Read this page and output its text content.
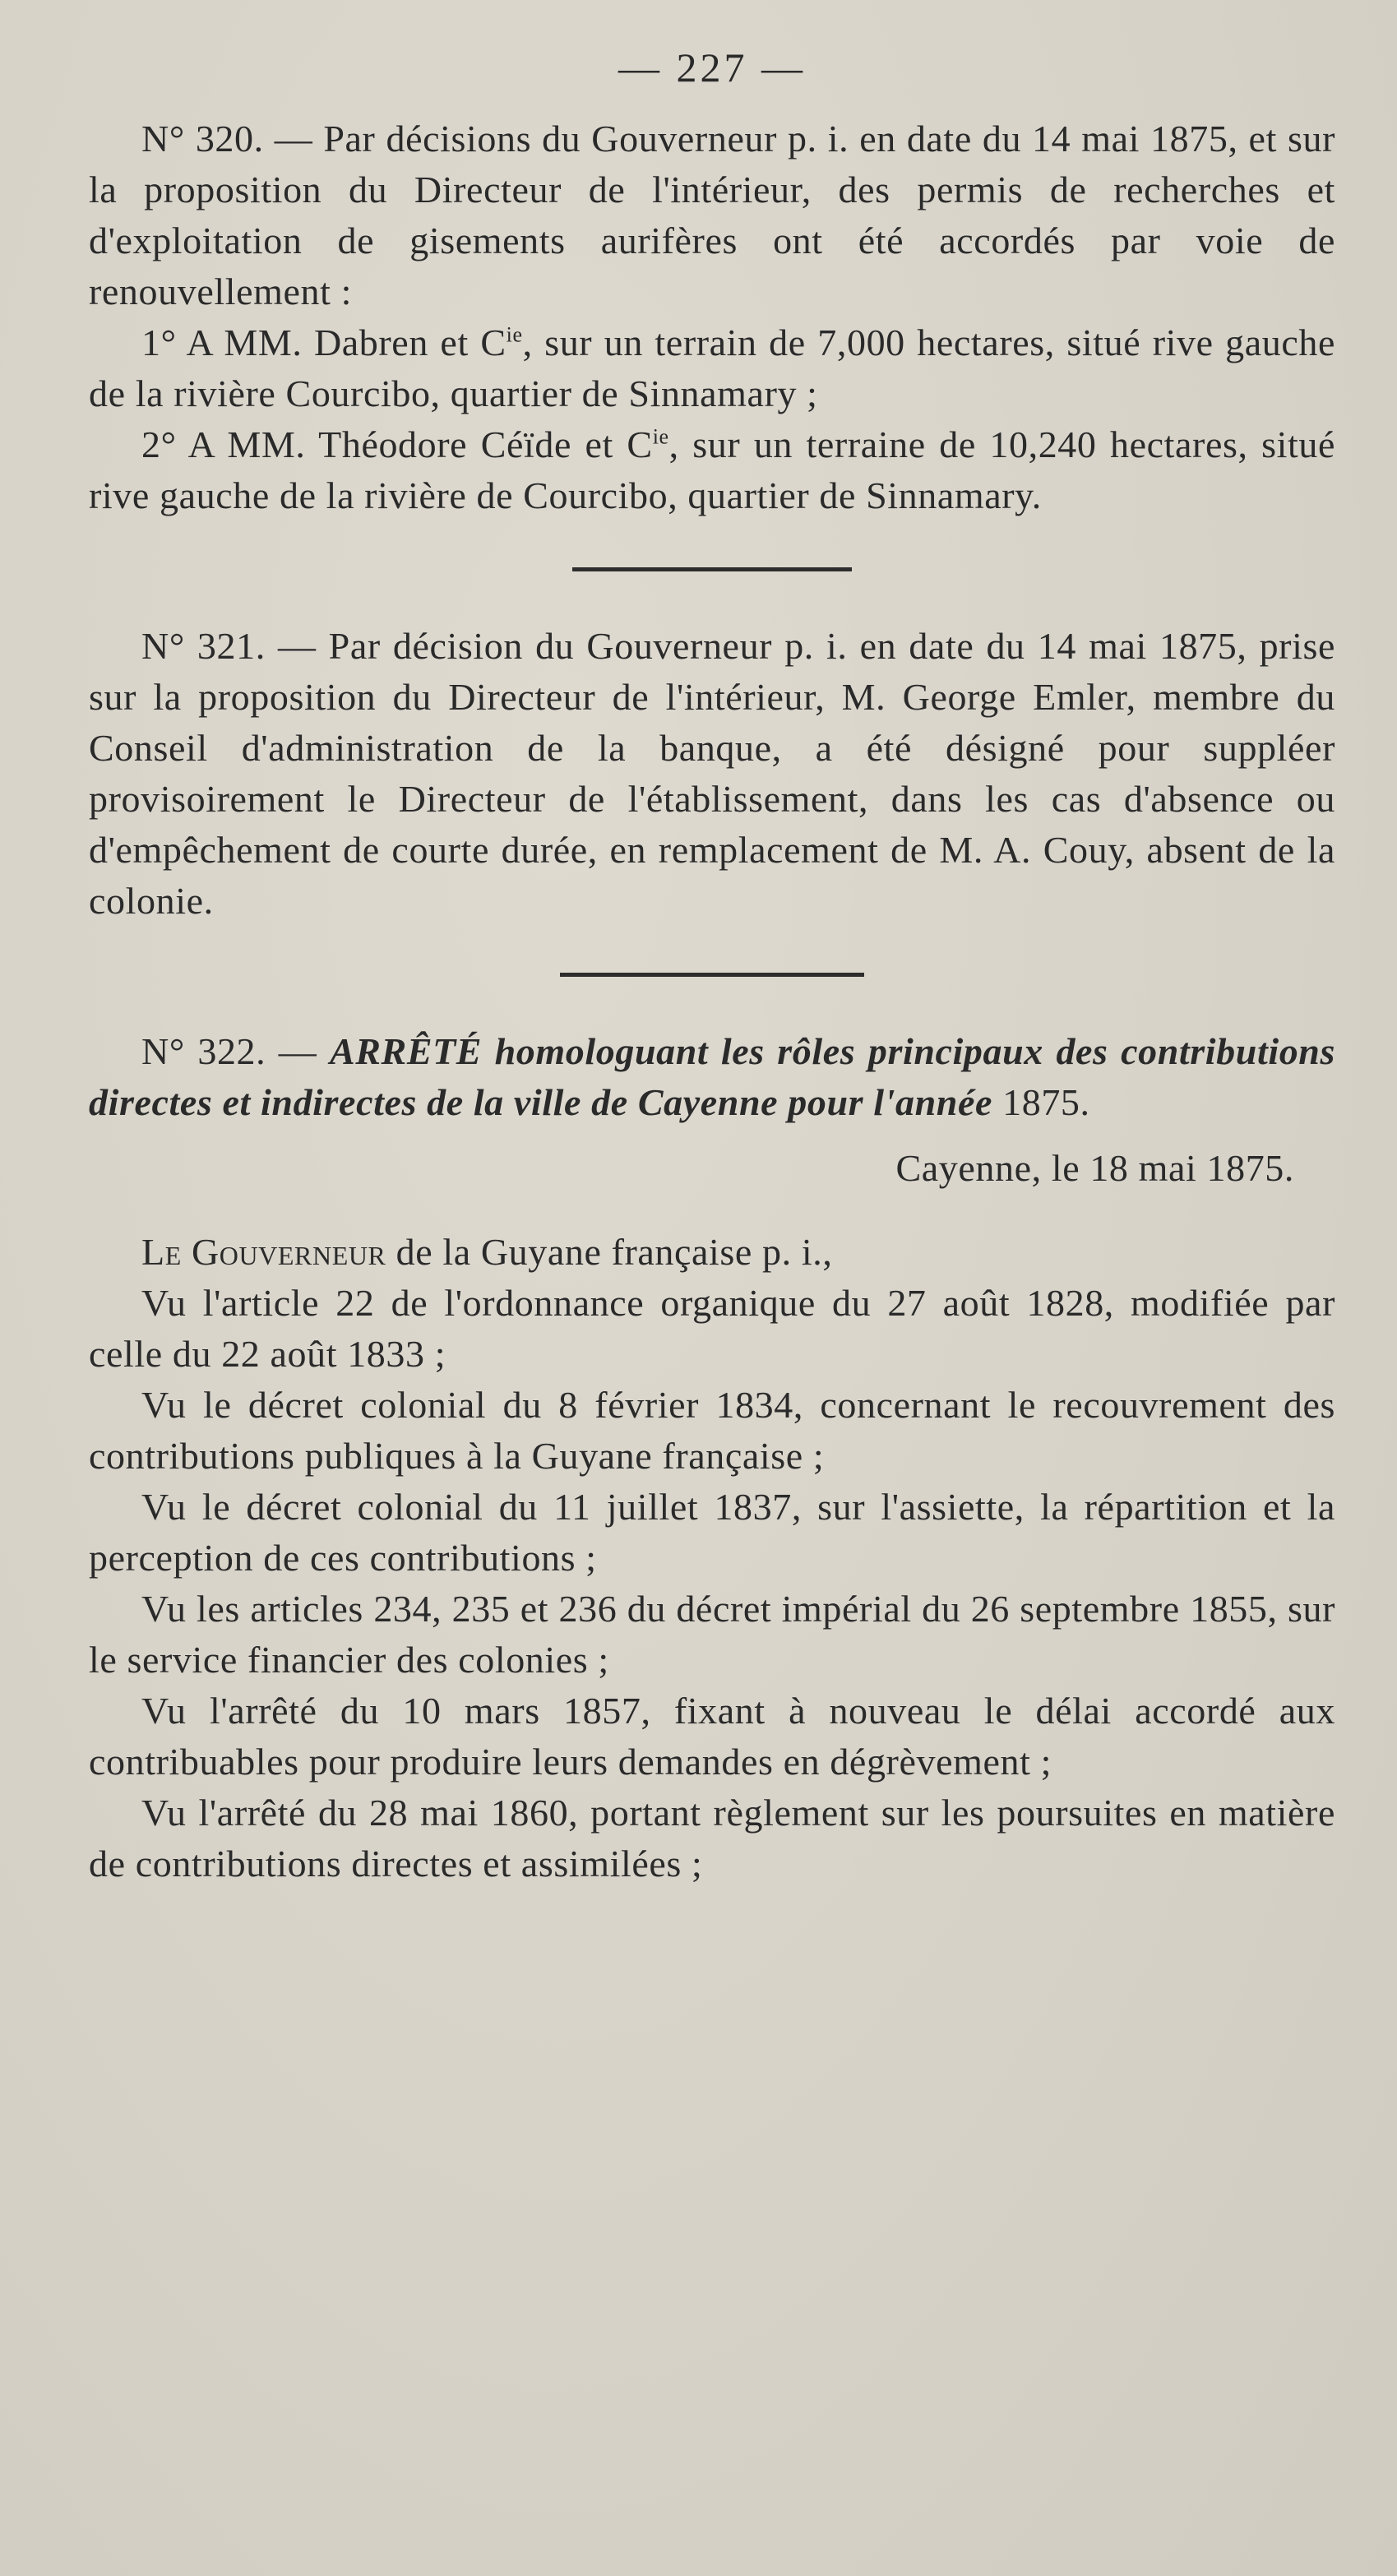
— 227 —

N° 320. — Par décisions du Gouverneur p. i. en date du 14 mai 1875, et sur la proposition du Directeur de l'intérieur, des permis de recherches et d'exploitation de gisements aurifères ont été accordés par voie de renouvellement :

1° A MM. Dabren et $C^{ie}$, sur un terrain de 7,000 hectares, situé rive gauche de la rivière Courcibo, quartier de Sinnamary ;

2° A MM. Théodore Céïde et $C^{ie}$, sur un terraine de 10,240 hectares, situé rive gauche de la rivière de Courcibo, quartier de Sinnamary.

N° 321. — Par décision du Gouverneur p. i. en date du 14 mai 1875, prise sur la proposition du Directeur de l'intérieur, M. George Emler, membre du Conseil d'administration de la banque, a été désigné pour suppléer provisoirement le Directeur de l'établissement, dans les cas d'absence ou d'empêchement de courte durée, en remplacement de M. A. Couy, absent de la colonie.

N° 322. — ARRÊTÉ homologuant les rôles principaux des contributions directes et indirectes de la ville de Cayenne pour l'année 1875.

Cayenne, le 18 mai 1875.

Le Gouverneur de la Guyane française p. i.,

Vu l'article 22 de l'ordonnance organique du 27 août 1828, modifiée par celle du 22 août 1833 ;

Vu le décret colonial du 8 février 1834, concernant le recouvrement des contributions publiques à la Guyane française ;

Vu le décret colonial du 11 juillet 1837, sur l'assiette, la répartition et la perception de ces contributions ;

Vu les articles 234, 235 et 236 du décret impérial du 26 septembre 1855, sur le service financier des colonies ;

Vu l'arrêté du 10 mars 1857, fixant à nouveau le délai accordé aux contribuables pour produire leurs demandes en dégrèvement ;

Vu l'arrêté du 28 mai 1860, portant règlement sur les poursuites en matière de contributions directes et assimilées ;
